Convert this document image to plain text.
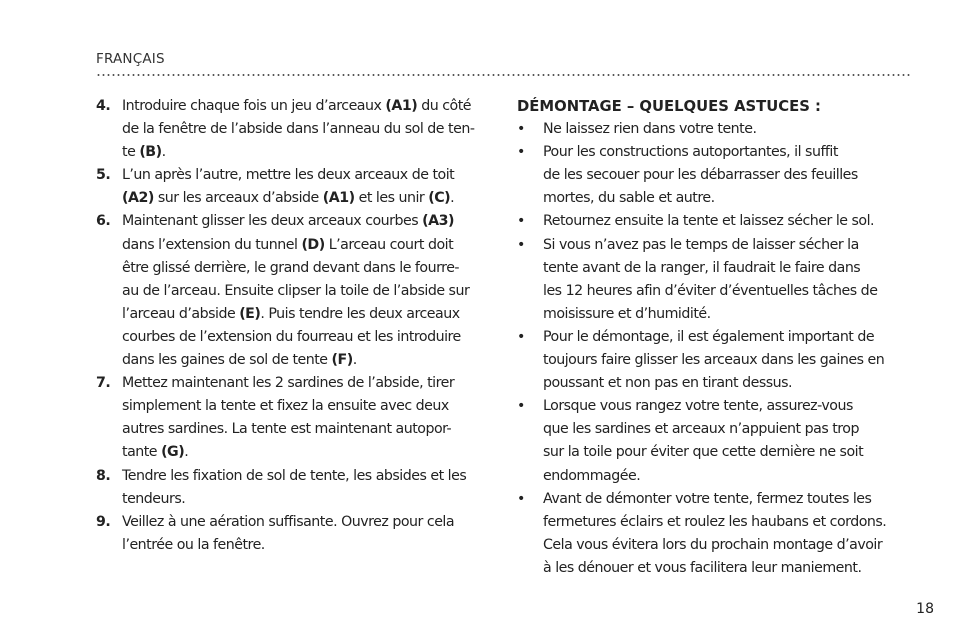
FRANÇAIS
4. Introduire chaque fois un jeu d’arceaux (A1) du côté
de la fenêtre de l’abside dans l’anneau du sol de ten-
te (B).
5. L’un après l’autre, mettre les deux arceaux de toit
(A2) sur les arceaux d’abside (A1) et les unir (C).
6. Maintenant glisser les deux arceaux courbes (A3)
dans l’extension du tunnel (D) L’arceau court doit
être glissé derrière, le grand devant dans le fourre-
au de l’arceau. Ensuite clipser la toile de l’abside sur
l’arceau d’abside (E). Puis tendre les deux arceaux
courbes de l’extension du fourreau et les introduire
dans les gaines de sol de tente (F).
7. Mettez maintenant les 2 sardines de l’abside, tirer
simplement la tente et fixez la ensuite avec deux
autres sardines. La tente est maintenant autopor-
tante (G).
8. Tendre les fixation de sol de tente, les absides et les
tendeurs.
9. Veillez à une aération suffisante. Ouvrez pour cela
l’entrée ou la fenêtre.
DÉMONTAGE – QUELQUES ASTUCES :
• Ne laissez rien dans votre tente.
• Pour les constructions autoportantes, il suffit
de les secouer pour les débarrasser des feuilles
mortes, du sable et autre.
• Retournez ensuite la tente et laissez sécher le sol.
• Si vous n’avez pas le temps de laisser sécher la
tente avant de la ranger, il faudrait le faire dans
les 12 heures afin d’éviter d’éventuelles tâches de
moisissure et d’humidité.
• Pour le démontage, il est également important de
toujours faire glisser les arceaux dans les gaines en
poussant et non pas en tirant dessus.
• Lorsque vous rangez votre tente, assurez-vous
que les sardines et arceaux n’appuient pas trop
sur la toile pour éviter que cette dernière ne soit
endommagée.
• Avant de démonter votre tente, fermez toutes les
fermetures éclairs et roulez les haubans et cordons.
Cela vous évitera lors du prochain montage d’avoir
à les dénouer et vous facilitera leur maniement.
18
